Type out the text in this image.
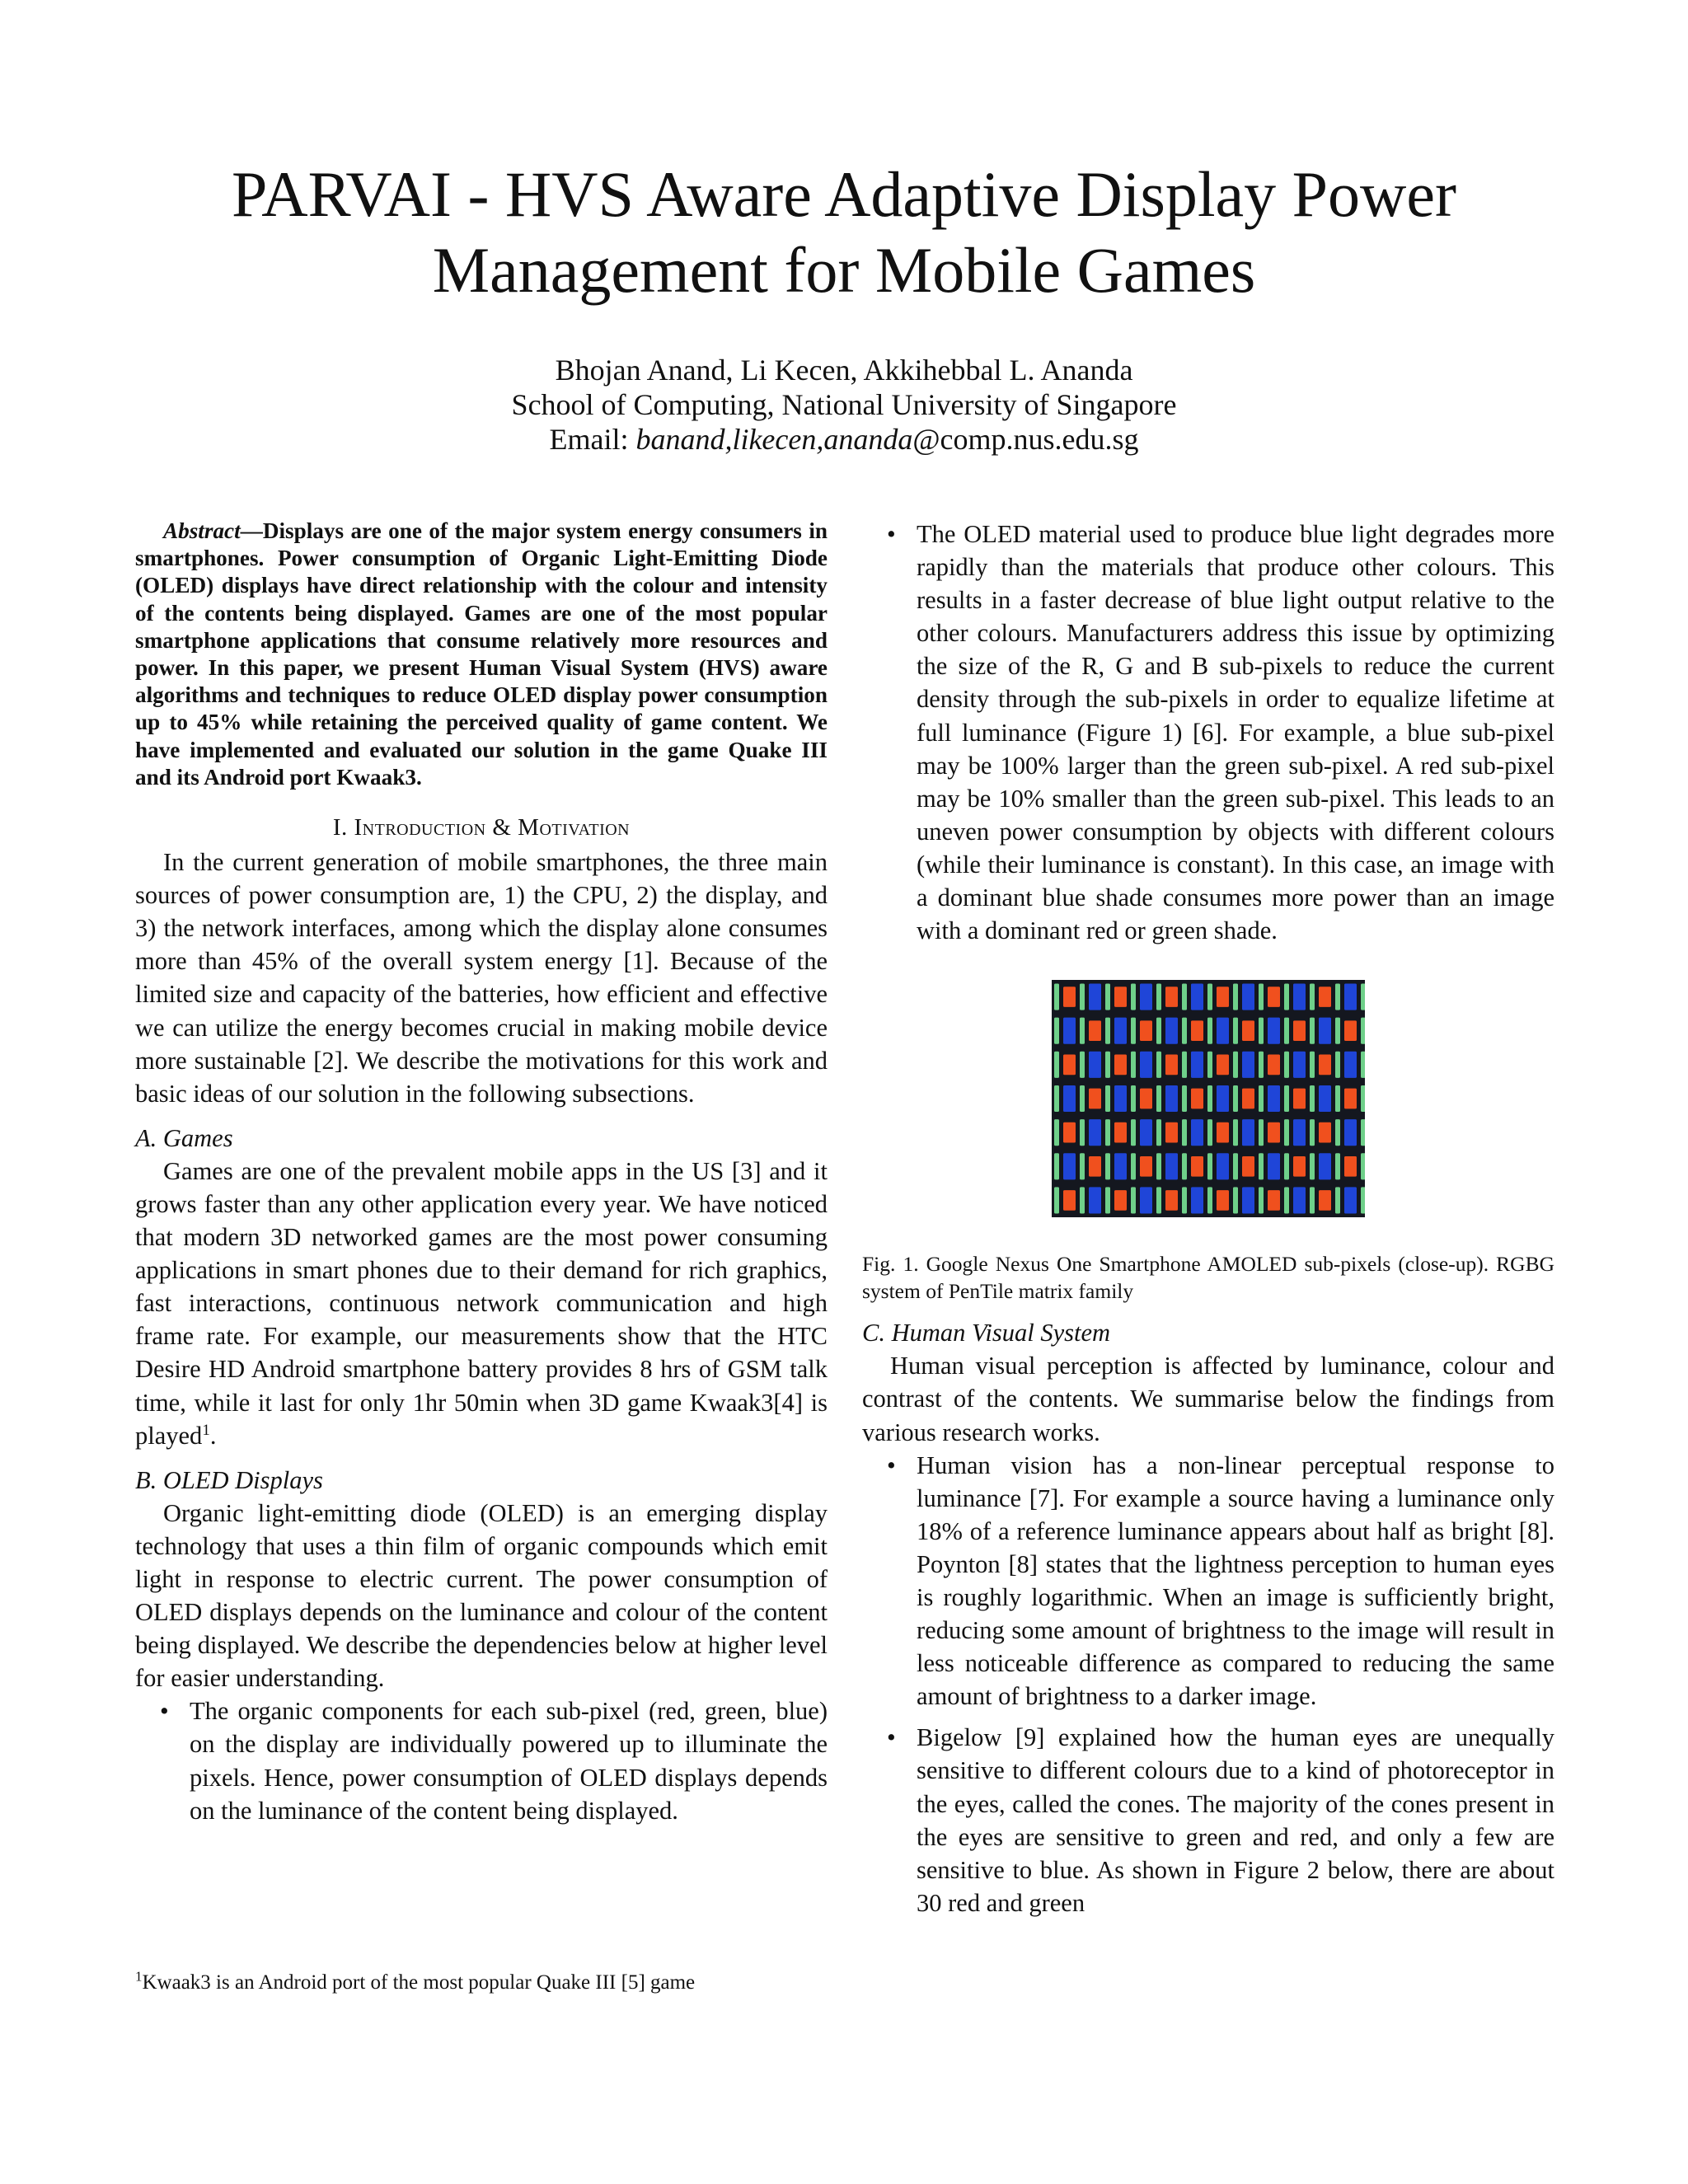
PARVAI - HVS Aware Adaptive Display Power
Management for Mobile Games
Bhojan Anand, Li Kecen, Akkihebbal L. Ananda
School of Computing, National University of Singapore
Email: banand,likecen,ananda@comp.nus.edu.sg

Abstract—Displays are one of the major system energy consumers in smartphones. Power consumption of Organic Light-Emitting Diode (OLED) displays have direct relationship with the colour and intensity of the contents being displayed. Games are one of the most popular smartphone applications that consume relatively more resources and power. In this paper, we present Human Visual System (HVS) aware algorithms and techniques to reduce OLED display power consumption up to 45% while retaining the perceived quality of game content. We have implemented and evaluated our solution in the game Quake III and its Android port Kwaak3.

I. Introduction & Motivation

In the current generation of mobile smartphones, the three main sources of power consumption are, 1) the CPU, 2) the display, and 3) the network interfaces, among which the display alone consumes more than 45% of the overall system energy [1]. Because of the limited size and capacity of the batteries, how efficient and effective we can utilize the energy becomes crucial in making mobile device more sustainable [2]. We describe the motivations for this work and basic ideas of our solution in the following subsections.

A. Games

Games are one of the prevalent mobile apps in the US [3] and it grows faster than any other application every year. We have noticed that modern 3D networked games are the most power consuming applications in smart phones due to their demand for rich graphics, fast interactions, continuous network communication and high frame rate. For example, our measurements show that the HTC Desire HD Android smartphone battery provides 8 hrs of GSM talk time, while it last for only 1hr 50min when 3D game Kwaak3[4] is played$^1$.

B. OLED Displays

Organic light-emitting diode (OLED) is an emerging display technology that uses a thin film of organic compounds which emit light in response to electric current. The power consumption of OLED displays depends on the luminance and colour of the content being displayed. We describe the dependencies below at higher level for easier understanding.

• The organic components for each sub-pixel (red, green, blue) on the display are individually powered up to illuminate the pixels. Hence, power consumption of OLED displays depends on the luminance of the content being displayed.
$^1$Kwaak3 is an Android port of the most popular Quake III [5] game
• The OLED material used to produce blue light degrades more rapidly than the materials that produce other colours. This results in a faster decrease of blue light output relative to the other colours. Manufacturers address this issue by optimizing the size of the R, G and B sub-pixels to reduce the current density through the sub-pixels in order to equalize lifetime at full luminance (Figure 1) [6]. For example, a blue sub-pixel may be 100% larger than the green sub-pixel. A red sub-pixel may be 10% smaller than the green sub-pixel. This leads to an uneven power consumption by objects with different colours (while their luminance is constant). In this case, an image with a dominant blue shade consumes more power than an image with a dominant red or green shade.

Fig. 1. Google Nexus One Smartphone AMOLED sub-pixels (close-up). RGBG system of PenTile matrix family

C. Human Visual System

Human visual perception is affected by luminance, colour and contrast of the contents. We summarise below the findings from various research works.

• Human vision has a non-linear perceptual response to luminance [7]. For example a source having a luminance only 18% of a reference luminance appears about half as bright [8]. Poynton [8] states that the lightness perception to human eyes is roughly logarithmic. When an image is sufficiently bright, reducing some amount of brightness to the image will result in less noticeable difference as compared to reducing the same amount of brightness to a darker image.
• Bigelow [9] explained how the human eyes are unequally sensitive to different colours due to a kind of photoreceptor in the eyes, called the cones. The majority of the cones present in the eyes are sensitive to green and red, and only a few are sensitive to blue. As shown in Figure 2 below, there are about 30 red and green
